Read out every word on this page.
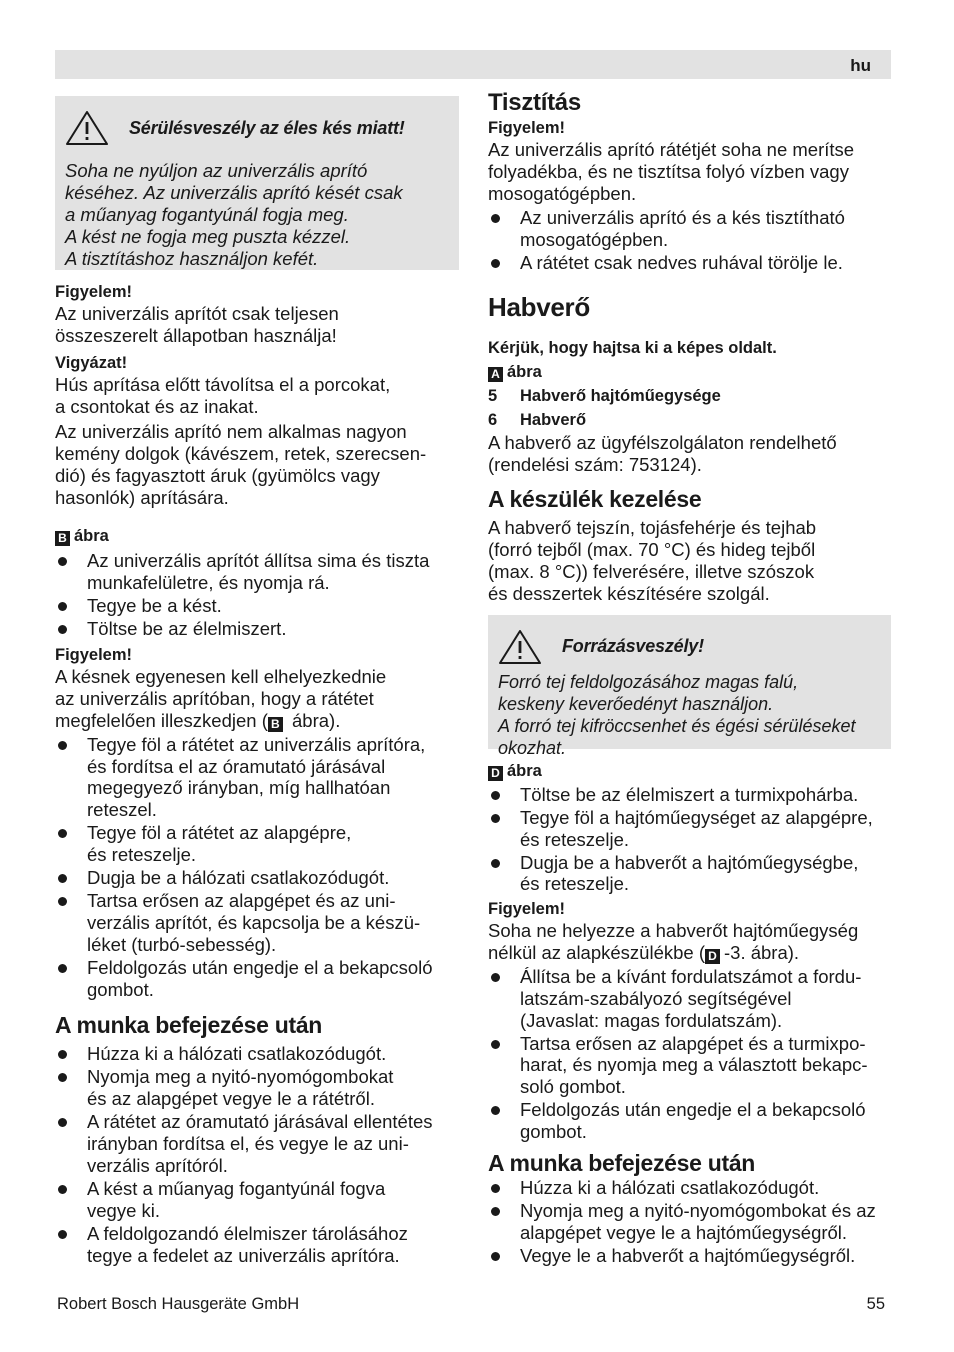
hu
Sérülésveszély az éles kés miatt!
Soha ne nyúljon az univerzális aprító
késéhez. Az univerzális aprító kését csak
a műanyag fogantyúnál fogja meg.
A kést ne fogja meg puszta kézzel.
A tisztításhoz használjon kefét.
Figyelem!
Az univerzális aprítót csak teljesen
összeszerelt állapotban használja!
Vigyázat!
Hús aprítása előtt távolítsa el a porcokat,
a csontokat és az inakat.
Az univerzális aprító nem alkalmas nagyon
kemény dolgok (kávészem, retek, szerecsen-
dió) és fagyasztott áruk (gyümölcs vagy
hasonlók) aprítására.
B ábra
Az univerzális aprítót állítsa sima és tiszta
munkafelületre, és nyomja rá.
Tegye be a kést.
Töltse be az élelmiszert.
Figyelem!
A késnek egyenesen kell elhelyezkednie
az univerzális aprítóban, hogy a rátétet
megfelelően illeszkedjen ( B ábra).
Tegye föl a rátétet az univerzális aprítóra,
és fordítsa el az óramutató járásával
megegyező irányban, míg hallhatóan
reteszel.
Tegye föl a rátétet az alapgépre,
és reteszelje.
Dugja be a hálózati csatlakozódugót.
Tartsa erősen az alapgépet és az uni-
verzális aprítót, és kapcsolja be a készü-
léket (turbó-sebesség).
Feldolgozás után engedje el a bekapcsoló
gombot.
A munka befejezése után
Húzza ki a hálózati csatlakozódugót.
Nyomja meg a nyitó-nyomógombokat
és az alapgépet vegye le a rátétről.
A rátétet az óramutató járásával ellentétes
irányban fordítsa el, és vegye le az uni-
verzális aprítóról.
A kést a műanyag fogantyúnál fogva
vegye ki.
A feldolgozandó élelmiszer tárolásához
tegye a fedelet az univerzális aprítóra.
Tisztítás
Figyelem!
Az univerzális aprító rátétjét soha ne merítse
folyadékba, és ne tisztítsa folyó vízben vagy
mosogatógépben.
Az univerzális aprító és a kés tisztítható
mosogatógépben.
A rátétet csak nedves ruhával törölje le.
Habverő
Kérjük, hogy hajtsa ki a képes oldalt.
A ábra
5 Habverő hajtóműegysége
6 Habverő
A habverő az ügyfélszolgálaton rendelhető
(rendelési szám: 753124).
A készülék kezelése
A habverő tejszín, tojásfehérje és tejhab
(forró tejből (max. 70 °C) és hideg tejből
(max. 8 °C)) felverésére, illetve szószok
és desszertek készítésére szolgál.
Forrázásveszély!
Forró tej feldolgozásához magas falú,
keskeny keverőedényt használjon.
A forró tej kifröccsenhet és égési sérüléseket
okozhat.
D ábra
Töltse be az élelmiszert a turmixpohárba.
Tegye föl a hajtóműegységet az alapgépre,
és reteszelje.
Dugja be a habverőt a hajtóműegységbe,
és reteszelje.
Figyelem!
Soha ne helyezze a habverőt hajtóműegység
nélkül az alapkészülékbe ( D -3. ábra).
Állítsa be a kívánt fordulatszámot a fordu-
latszám-szabályozó segítségével
(Javaslat: magas fordulatszám).
Tartsa erősen az alapgépet és a turmixpo-
harat, és nyomja meg a választott bekapc-
soló gombot.
Feldolgozás után engedje el a bekapcsoló
gombot.
A munka befejezése után
Húzza ki a hálózati csatlakozódugót.
Nyomja meg a nyitó-nyomógombokat és az
alapgépet vegye le a hajtóműegységről.
Vegye le a habverőt a hajtóműegységről.
Robert Bosch Hausgeräte GmbH	55
